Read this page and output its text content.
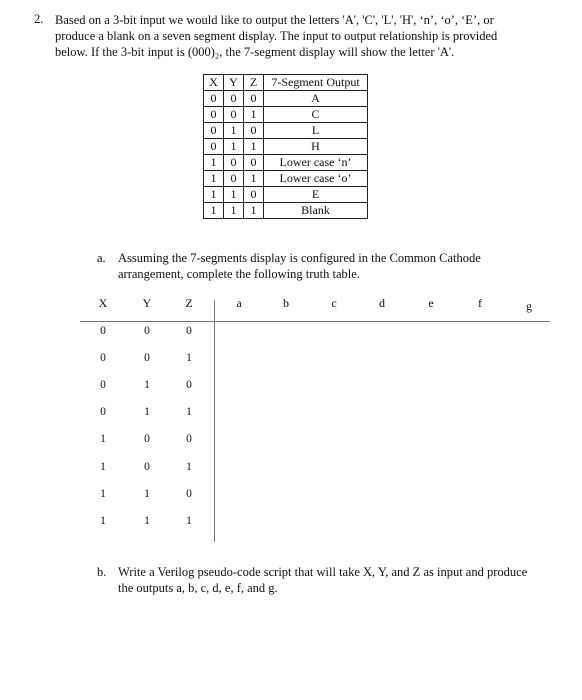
2. Based on a 3-bit input we would like to output the letters 'A', 'C', 'L', 'H', ‘n’, ‘o’, ‘E’, or
produce a blank on a seven segment display. The input to output relationship is provided
below. If the 3-bit input is (000)₂, the 7-segment display will show the letter 'A'.
X	Y	Z	7-Segment Output
0	0	0	A
0	0	1	C
0	1	0	L
0	1	1	H
1	0	0	Lower case ‘n’
1	0	1	Lower case ‘o’
1	1	0	E
1	1	1	Blank
a. Assuming the 7-segments display is configured in the Common Cathode
arrangement, complete the following truth table.
X	Y	Z	a	b	c	d	e	f	g
0	0	0
0	0	1
0	1	0
0	1	1
1	0	0
1	0	1
1	1	0
1	1	1
b. Write a Verilog pseudo-code script that will take X, Y, and Z as input and produce
the outputs a, b, c, d, e, f, and g.
